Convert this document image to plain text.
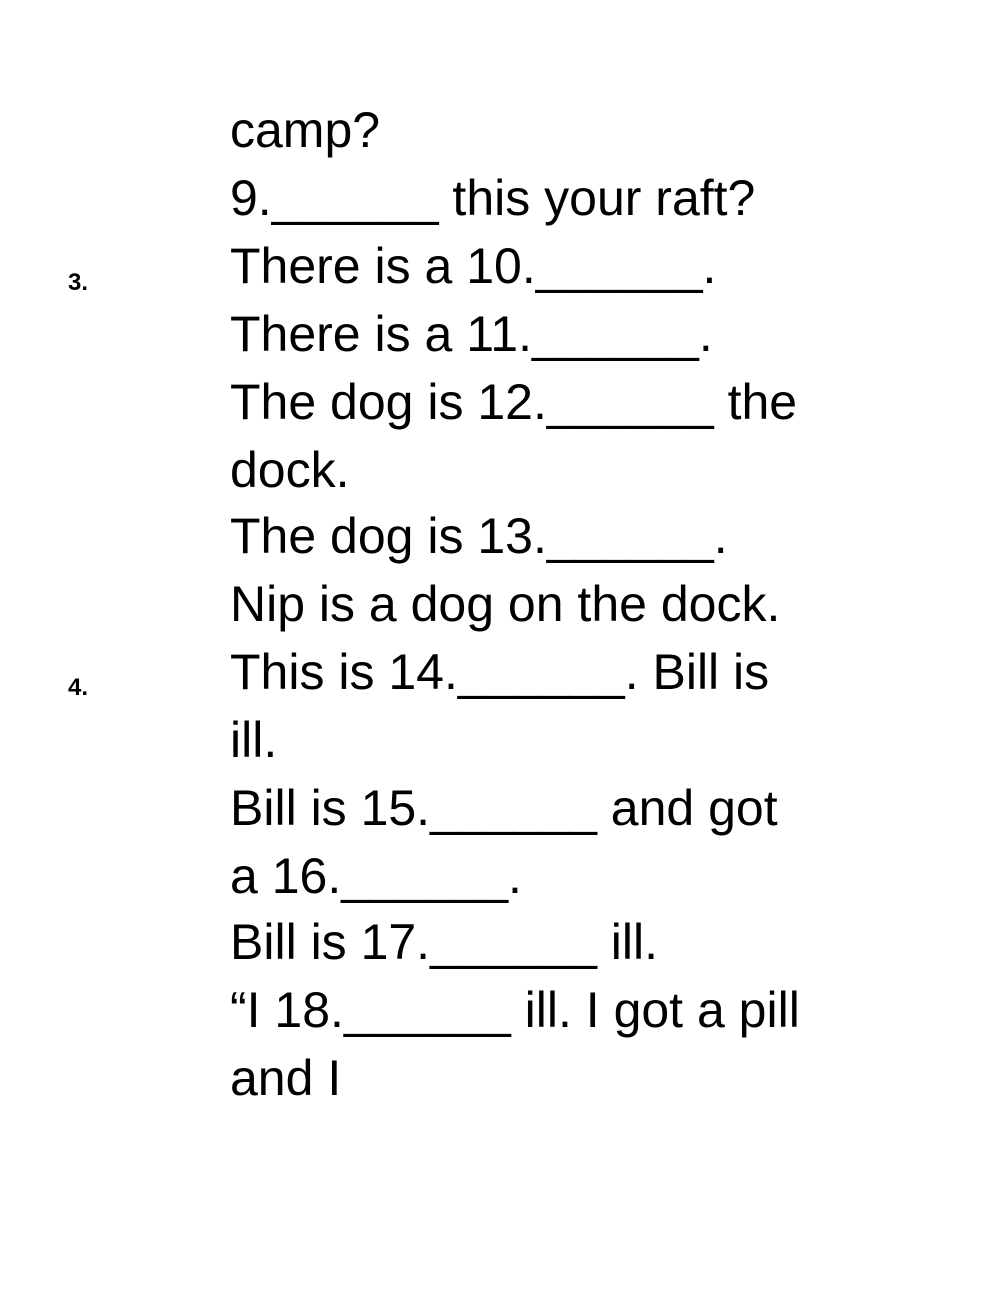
3.
4.
camp?
9.______ this your raft?
There is a 10.______.
There is a 11.______.
The dog is 12.______ the
dock.
The dog is 13.______.
Nip is a dog on the dock.
This is 14.______. Bill is
ill.
Bill is 15.______ and got
a 16.______.
Bill is 17.______ ill.
“I 18.______ ill. I got a pill
and I
